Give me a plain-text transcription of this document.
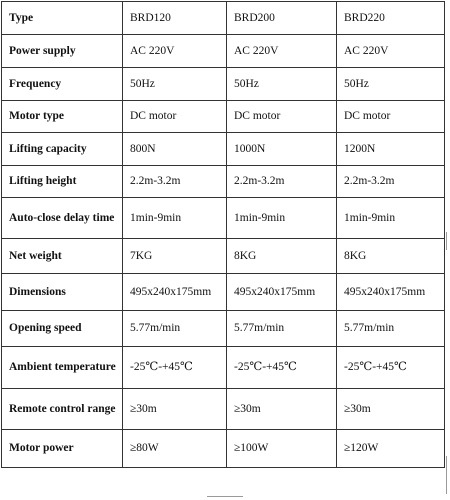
Type	BRD120	BRD200	BRD220
Power supply	AC 220V	AC 220V	AC 220V
Frequency	50Hz	50Hz	50Hz
Motor type	DC motor	DC motor	DC motor
Lifting capacity	800N	1000N	1200N
Lifting height	2.2m-3.2m	2.2m-3.2m	2.2m-3.2m
Auto-close delay time	1min-9min	1min-9min	1min-9min
Net weight	7KG	8KG	8KG
Dimensions	495x240x175mm	495x240x175mm	495x240x175mm
Opening speed	5.77m/min	5.77m/min	5.77m/min
Ambient temperature	-25℃-+45℃	-25℃-+45℃	-25℃-+45℃
Remote control range	≥30m	≥30m	≥30m
Motor power	≥80W	≥100W	≥120W
